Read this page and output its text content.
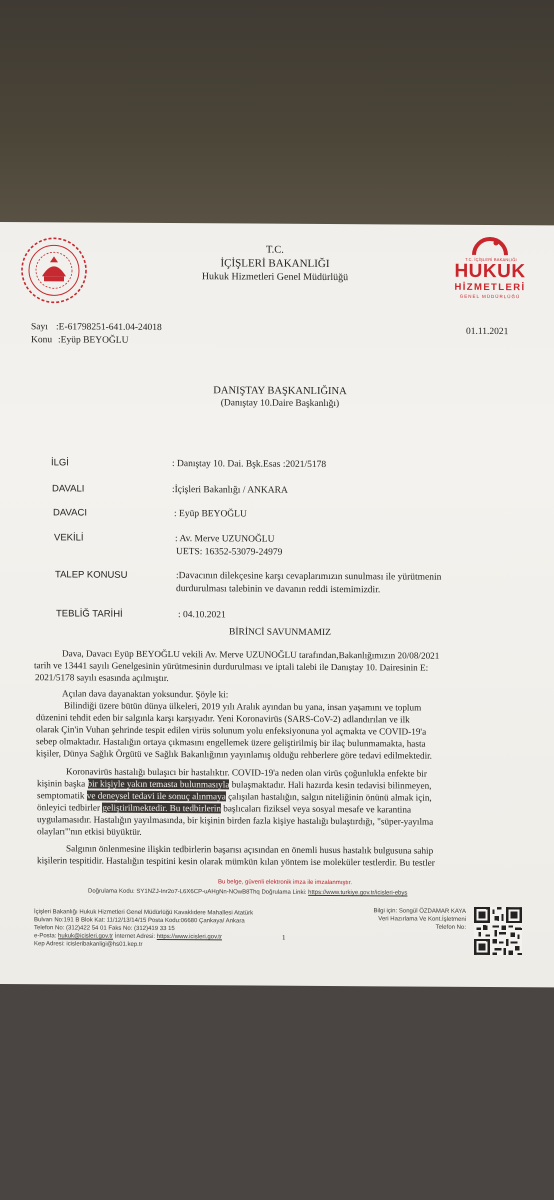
T.C. İÇİŞLERİ BAKANLIĞI
HUKUK
HİZMETLERİ
GENEL MÜDÜRLÜĞÜ
T.C.
İÇİŞLERİ BAKANLIĞI
Hukuk Hizmetleri Genel Müdürlüğü
Sayı :E-61798251-641.04-24018	01.11.2021
Konu :Eyüp BEYOĞLU
DANIŞTAY BAŞKANLIĞINA
(Danıştay 10.Daire Başkanlığı)
İLGİ	: Danıştay 10. Dai. Bşk.Esas :2021/5178
DAVALI	:İçişleri Bakanlığı / ANKARA
DAVACI	: Eyüp BEYOĞLU
VEKİLİ	: Av. Merve UZUNOĞLU
UETS: 16352-53079-24979
TALEP KONUSU	:Davacının dilekçesine karşı cevaplarımızın sunulması ile yürütmenin
durdurulması talebinin ve davanın reddi istemimizdir.
TEBLİĞ TARİHİ	: 04.10.2021
BİRİNCİ SAVUNMAMIZ
Dava, Davacı Eyüp BEYOĞLU vekili Av. Merve UZUNOĞLU tarafından,Bakanlığımızın 20/08/2021
tarih ve 13441 sayılı Genelgesinin yürütmesinin durdurulması ve iptali talebi ile Danıştay 10. Dairesinin E:
2021/5178 sayılı esasında açılmıştır.
Açılan dava dayanaktan yoksundur. Şöyle ki:
Bilindiği üzere bütün dünya ülkeleri, 2019 yılı Aralık ayından bu yana, insan yaşamını ve toplum
düzenini tehdit eden bir salgınla karşı karşıyadır. Yeni Koronavirüs (SARS-CoV-2) adlandırılan ve ilk
olarak Çin'in Vuhan şehrinde tespit edilen virüs solunum yolu enfeksiyonuna yol açmakta ve COVID-19'a
sebep olmaktadır. Hastalığın ortaya çıkmasını engellemek üzere geliştirilmiş bir ilaç bulunmamakta, hasta
kişiler, Dünya Sağlık Örgütü ve Sağlık Bakanlığının yayınlamış olduğu rehberlere göre tedavi edilmektedir.
Koronavirüs hastalığı bulaşıcı bir hastalıktır. COVID-19'a neden olan virüs çoğunlukla enfekte bir
kişinin başka bir kişiyle yakın temasta bulunmasıyla bulaşmaktadır. Hali hazırda kesin tedavisi bilinmeyen,
semptomatik ve deneysel tedavi ile sonuç alınmaya çalışılan hastalığın, salgın niteliğinin önünü almak için,
önleyici tedbirler geliştirilmektedir. Bu tedbirlerin başlıcaları fiziksel veya sosyal mesafe ve karantina
uygulamasıdır. Hastalığın yayılmasında, bir kişinin birden fazla kişiye hastalığı bulaştırdığı, "süper-yayılma
olayları"'nın etkisi büyüktür.
Salgının önlenmesine ilişkin tedbirlerin başarısı açısından en önemli husus hastalık bulgusuna sahip
kişilerin tespitidir. Hastalığın tespitini kesin olarak mümkün kılan yöntem ise moleküler testlerdir. Bu testler
Bu belge, güvenli elektronik imza ile imzalanmıştır.
Doğrulama Kodu: SY1NZJ-Inr2o7-L6X6CP-uAHgNn-NOwB8Thq Doğrulama Linki: https://www.turkiye.gov.tr/icisleri-ebys
İçişleri Bakanlığı Hukuk Hizmetleri Genel Müdürlüğü Kavaklıdere Mahallesi Atatürk
Bulvarı No:191 B Blok Kat: 11/12/13/14/15 Posta Kodu:06680 Çankaya/ Ankara
Telefon No: (312)422 54 01 Faks No: (312)419 33 15
e-Posta: hukuk@icisleri.gov.tr İnternet Adresi: https://www.icisleri.gov.tr
Kep Adresi: icisleribakanligi@hs01.kep.tr
1
Bilgi için: Songül ÖZDAMAR KAYA
Veri Hazırlama Ve Kont.İşletmeni
Telefon No:
